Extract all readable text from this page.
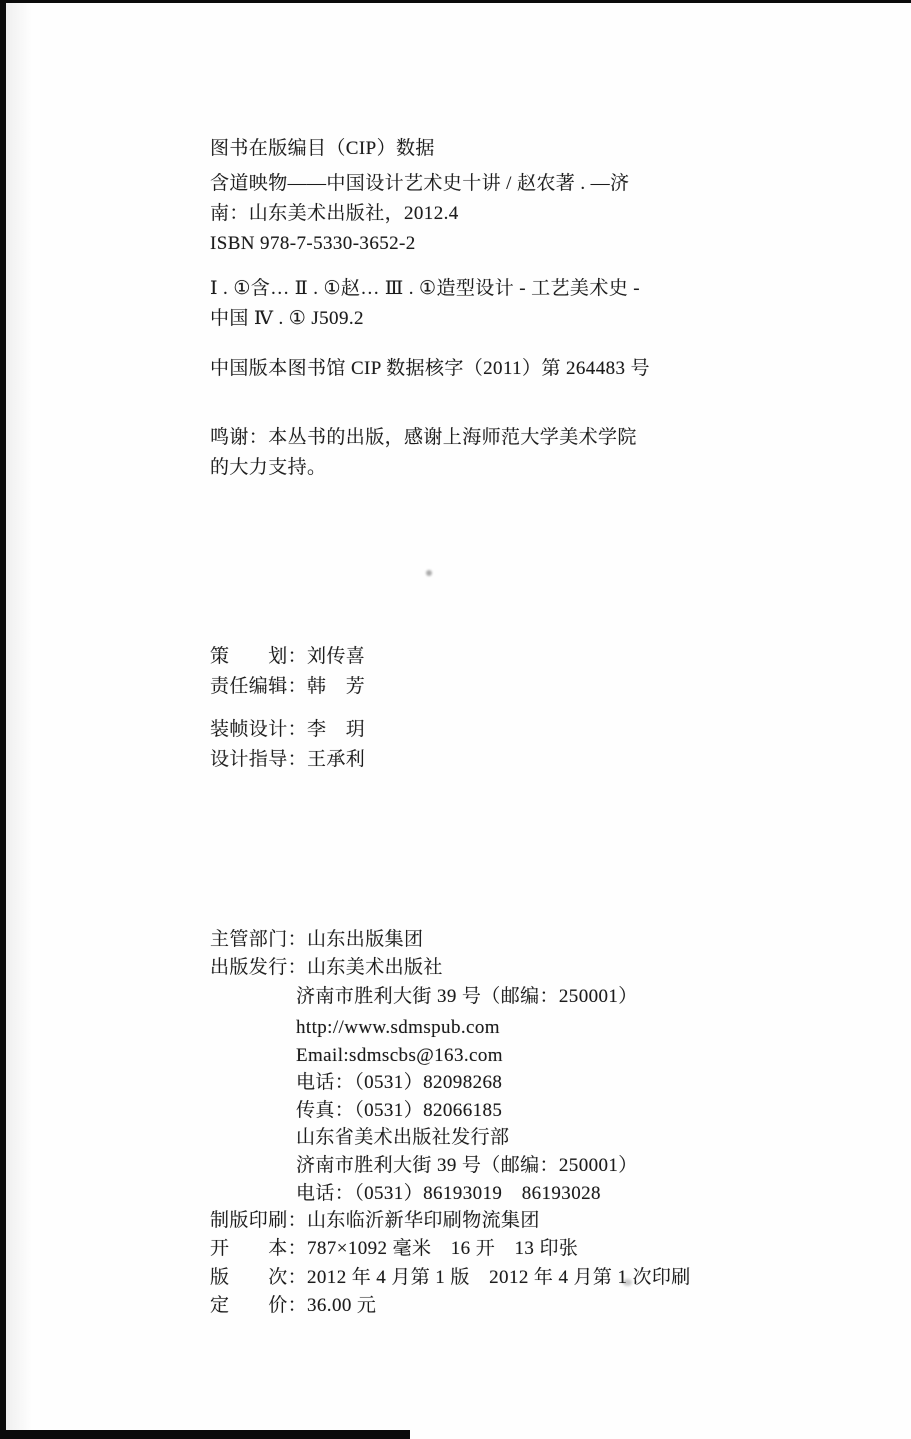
图书在版编目（CIP）数据
含道映物——中国设计艺术史十讲 / 赵农著 . —济
南：山东美术出版社，2012.4
ISBN 978-7-5330-3652-2
Ⅰ . ①含… Ⅱ . ①赵… Ⅲ . ①造型设计 - 工艺美术史 -
中国 Ⅳ . ① J509.2
中国版本图书馆 CIP 数据核字（2011）第 264483 号
鸣谢：本丛书的出版，感谢上海师范大学美术学院
的大力支持。
策　　划：刘传喜
责任编辑：韩　芳
装帧设计：李　玥
设计指导：王承利
主管部门：山东出版集团
出版发行：山东美术出版社
济南市胜利大街 39 号（邮编：250001）
http://www.sdmspub.com
Email:sdmscbs@163.com
电话：（0531）82098268
传真：（0531）82066185
山东省美术出版社发行部
济南市胜利大街 39 号（邮编：250001）
电话：（0531）86193019　86193028
制版印刷：山东临沂新华印刷物流集团
开　　本：787×1092 毫米　16 开　13 印张
版　　次：2012 年 4 月第 1 版　2012 年 4 月第 1 次印刷
定　　价：36.00 元
